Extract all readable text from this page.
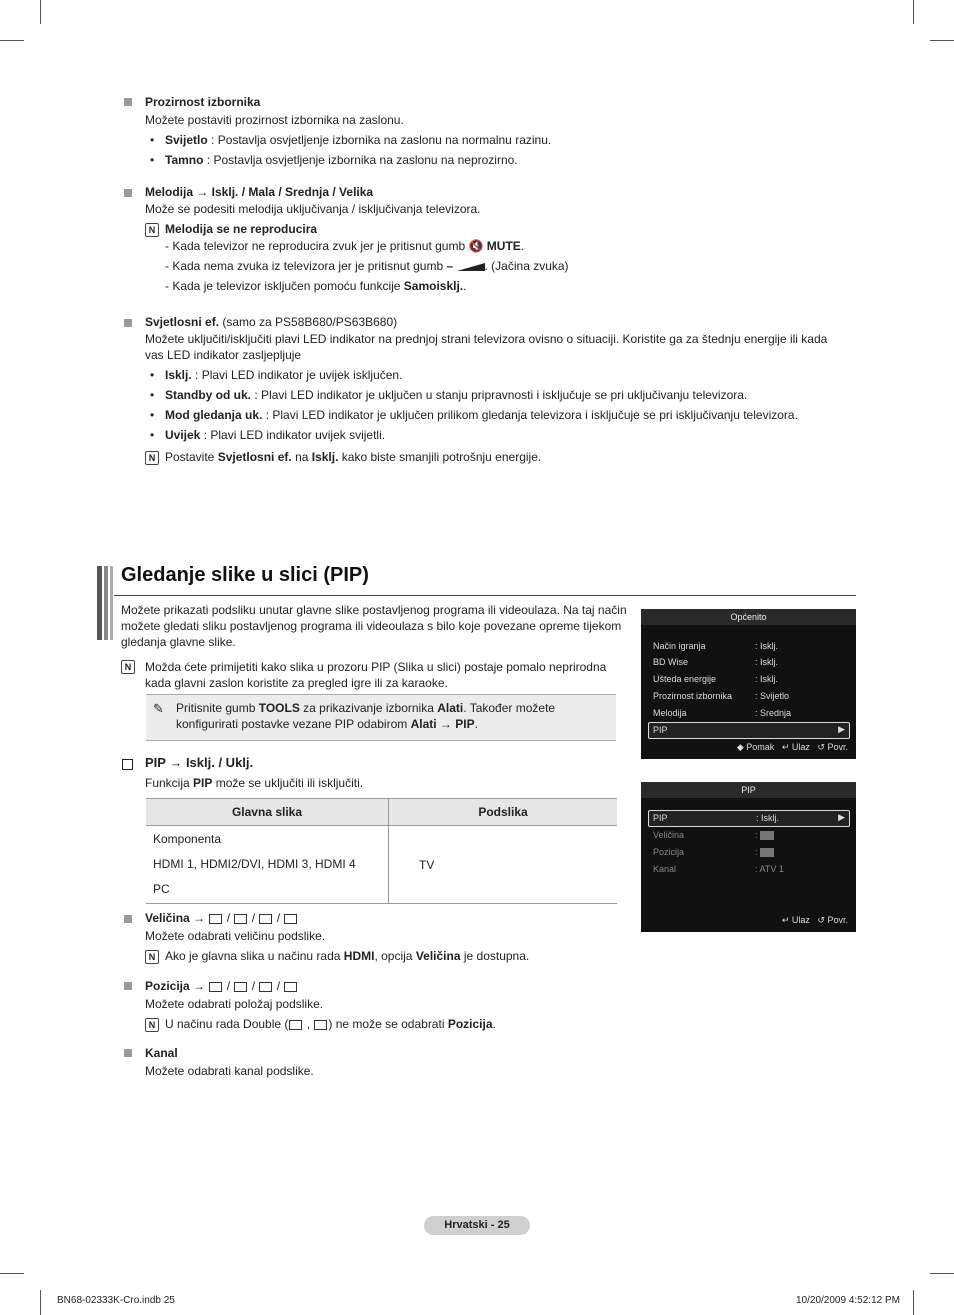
Prozirnost izbornika
Možete postaviti prozirnost izbornika na zaslonu.
• Svijetlo : Postavlja osvjetljenje izbornika na zaslonu na normalnu razinu.
• Tamno : Postavlja osvjetljenje izbornika na zaslonu na neprozirno.
Melodija → Isklj. / Mala / Srednja / Velika
Može se podesiti melodija uključivanja / isključivanja televizora.
N Melodija se ne reproducira
- Kada televizor ne reproducira zvuk jer je pritisnut gumb 🔇 MUTE.
- Kada nema zvuka iz televizora jer je pritisnut gumb –	. (Jačina zvuka)
- Kada je televizor isključen pomoću funkcije Samoisklj..
Svjetlosni ef. (samo za PS58B680/PS63B680)
Možete uključiti/isključiti plavi LED indikator na prednjoj strani televizora ovisno o situaciji. Koristite ga za štednju energije ili kada
vas LED indikator zasljepljuje
• Isklj. : Plavi LED indikator je uvijek isključen.
• Standby od uk. : Plavi LED indikator je uključen u stanju pripravnosti i isključuje se pri uključivanju televizora.
• Mod gledanja uk. : Plavi LED indikator je uključen prilikom gledanja televizora i isključuje se pri isključivanju televizora.
• Uvijek : Plavi LED indikator uvijek svijetli.
N Postavite Svjetlosni ef. na Isklj. kako biste smanjili potrošnju energije.
Gledanje slike u slici (PIP)
Možete prikazati podsliku unutar glavne slike postavljenog programa ili videoulaza. Na taj način
možete gledati sliku postavljenog programa ili videoulaza s bilo koje povezane opreme tijekom
gledanja glavne slike.
N	Možda ćete primijetiti kako slika u prozoru PIP (Slika u slici) postaje pomalo neprirodna
kada glavni zaslon koristite za pregled igre ili za karaoke.
✎ Pritisnite gumb TOOLS za prikazivanje izbornika Alati. Također možete
konfigurirati postavke vezane PIP odabirom Alati → PIP.
PIP → Isklj. / Uklj.
Funkcija PIP može se uključiti ili isključiti.
Glavna slika	Podslika

Komponenta
HDMI 1, HDMI2/DVI, HDMI 3, HDMI 4
PC	TV
Veličina →  /  /  /
Možete odabrati veličinu podslike.
N Ako je glavna slika u načinu rada HDMI, opcija Veličina je dostupna.
Pozicija →  /  /  /
Možete odabrati položaj podslike.
N U načinu rada Double ( , ) ne može se odabrati Pozicija.
Kanal
Možete odabrati kanal podslike.
Općenito
Način igranja	: Isklj.
BD Wise	: Isklj.
Ušteda energije	: Isklj.
Prozirnost izbornika	: Svijetlo
Melodija	: Srednja
PIP	▶
◆ Pomak ↵ Ulaz ↺ Povr.
PIP
PIP	: Isklj.	▶
Veličina	:
Pozicija	:
Kanal	: ATV 1
↵ Ulaz ↺ Povr.
Hrvatski - 25
BN68-02333K-Cro.indb 25	10/20/2009 4:52:12 PM
